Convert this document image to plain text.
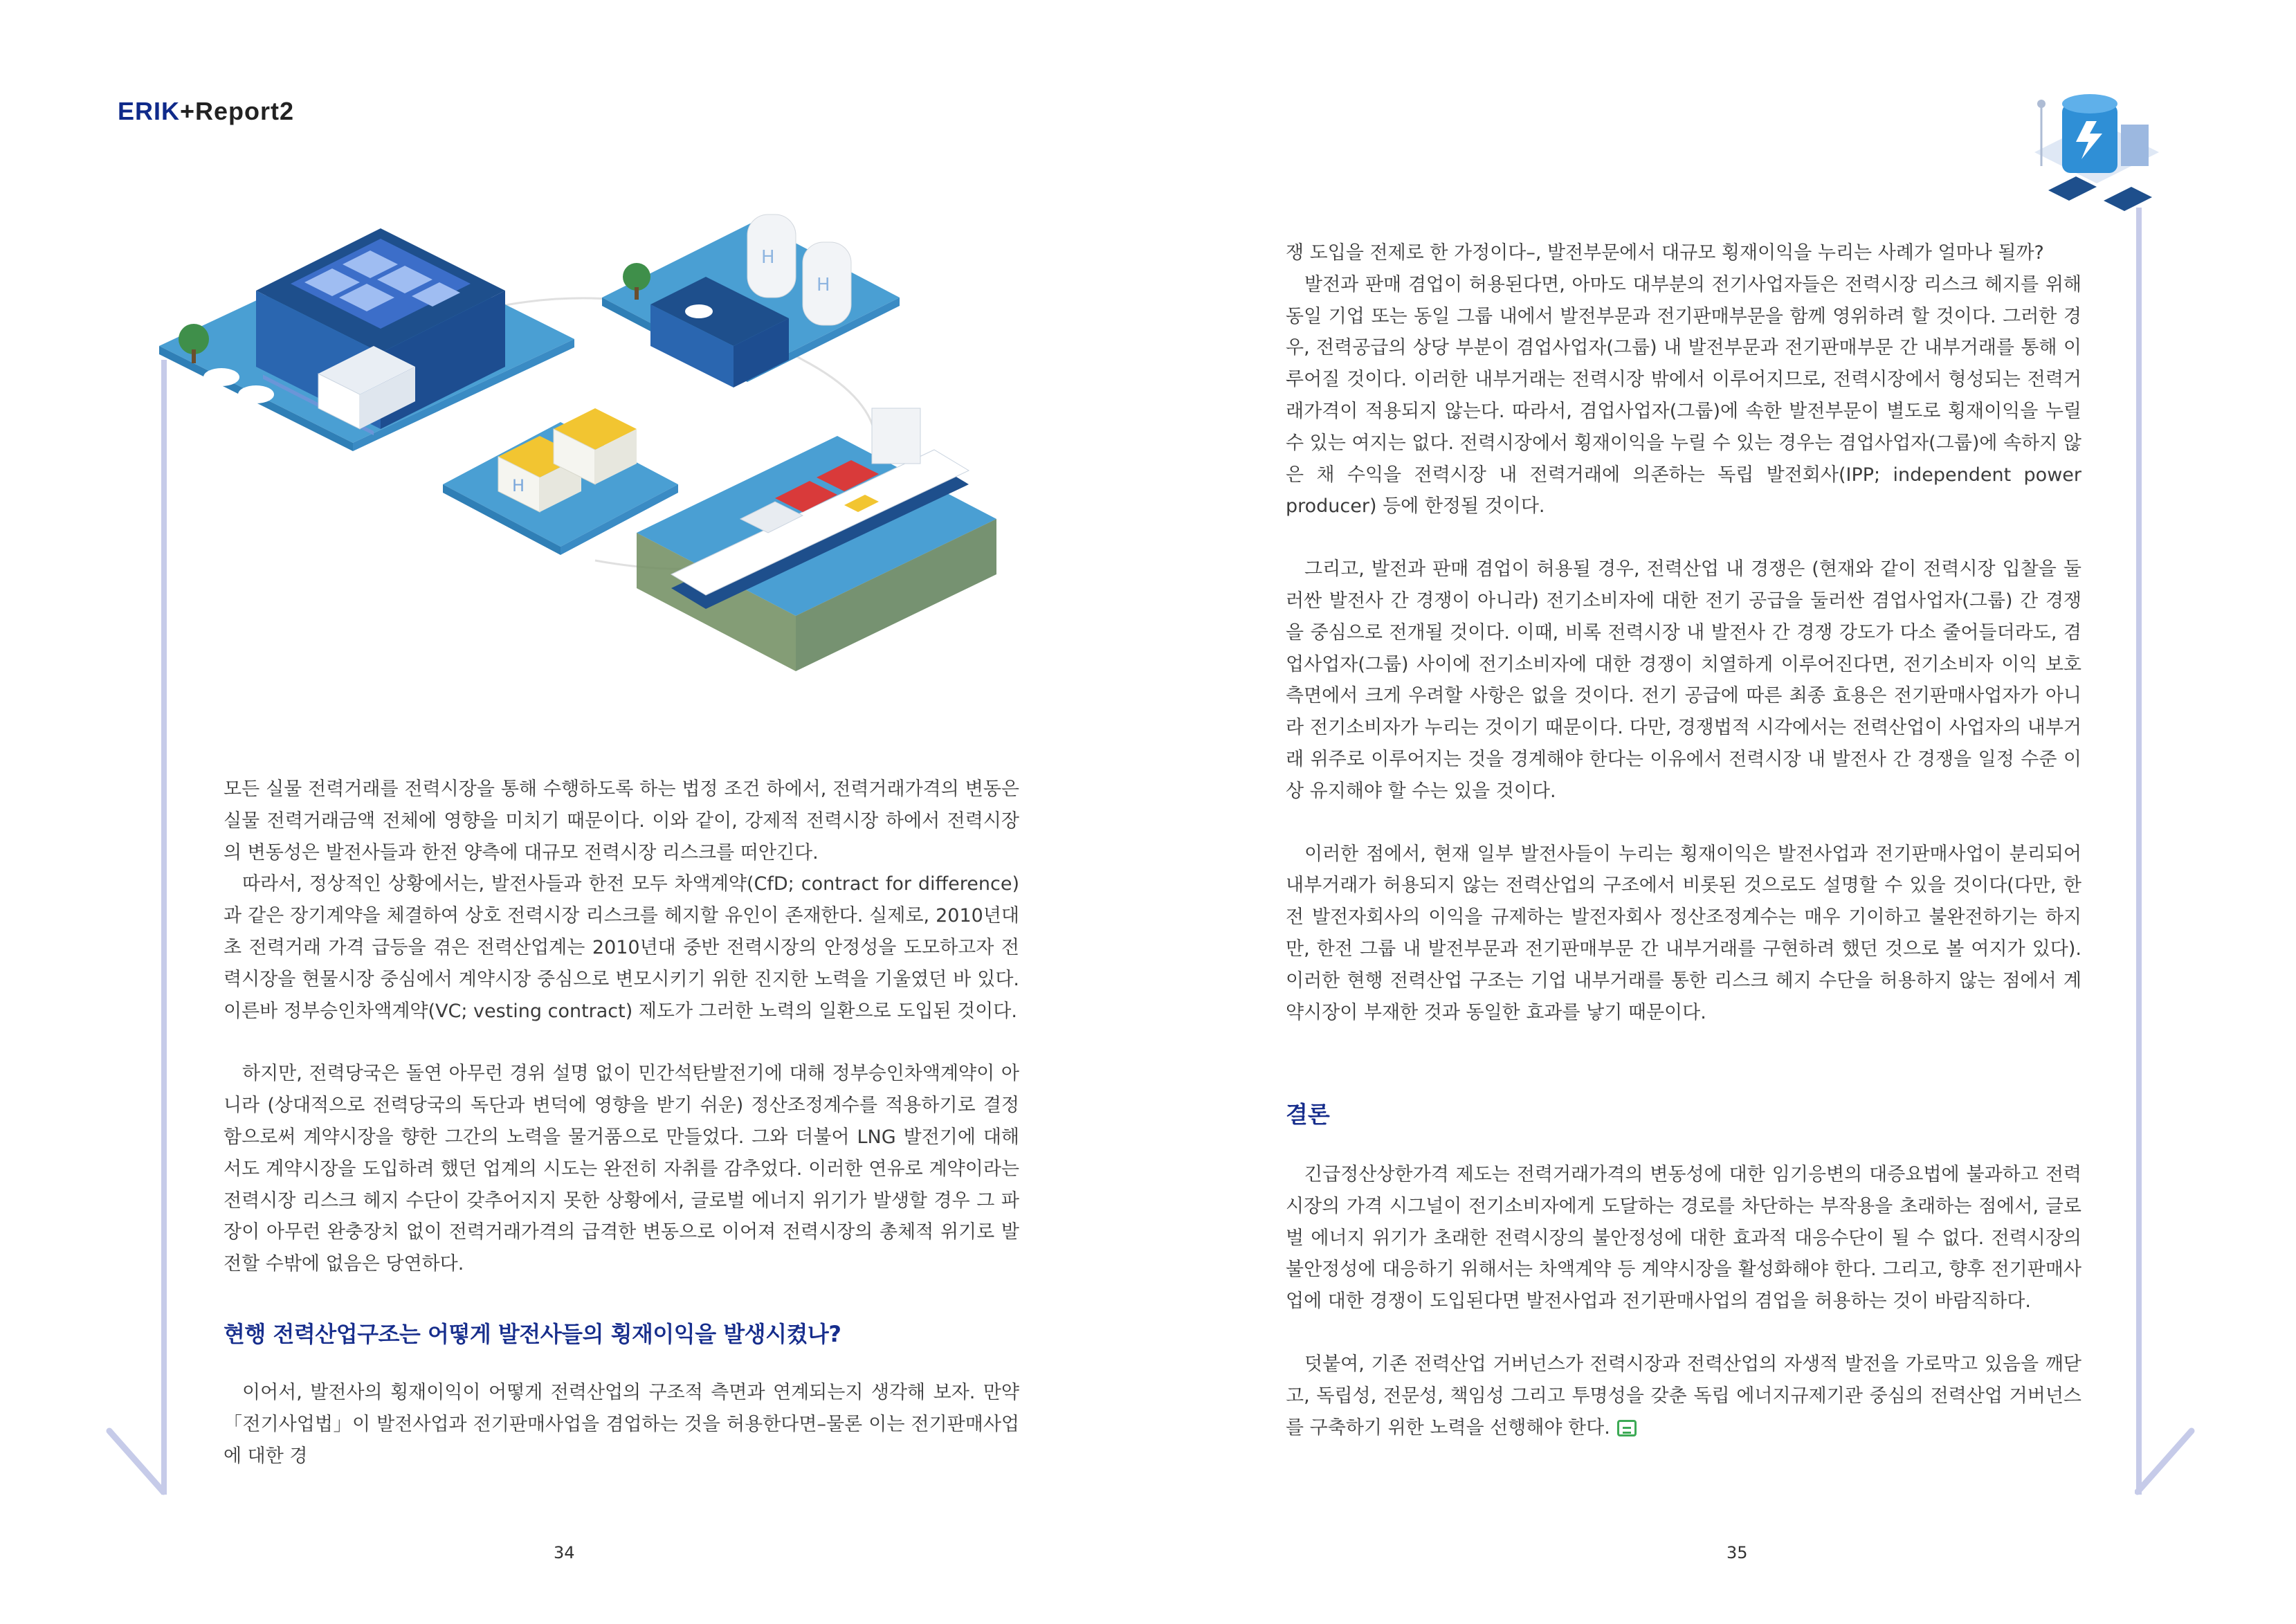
ERIK+Report2
H
H
H

모든 실물 전력거래를 전력시장을 통해 수행하도록 하는 법정 조건 하에서, 전력거래가격의 변동은 실물 전력거래금액 전체에 영향을 미치기 때문이다. 이와 같이, 강제적 전력시장 하에서 전력시장의 변동성은 발전사들과 한전 양측에 대규모 전력시장 리스크를 떠안긴다.

따라서, 정상적인 상황에서는, 발전사들과 한전 모두 차액계약(CfD; contract for difference)과 같은 장기계약을 체결하여 상호 전력시장 리스크를 헤지할 유인이 존재한다. 실제로, 2010년대 초 전력거래 가격 급등을 겪은 전력산업계는 2010년대 중반 전력시장의 안정성을 도모하고자 전력시장을 현물시장 중심에서 계약시장 중심으로 변모시키기 위한 진지한 노력을 기울였던 바 있다. 이른바 정부승인차액계약(VC; vesting contract) 제도가 그러한 노력의 일환으로 도입된 것이다.

하지만, 전력당국은 돌연 아무런 경위 설명 없이 민간석탄발전기에 대해 정부승인차액계약이 아니라 (상대적으로 전력당국의 독단과 변덕에 영향을 받기 쉬운) 정산조정계수를 적용하기로 결정함으로써 계약시장을 향한 그간의 노력을 물거품으로 만들었다. 그와 더불어 LNG 발전기에 대해서도 계약시장을 도입하려 했던 업계의 시도는 완전히 자취를 감추었다. 이러한 연유로 계약이라는 전력시장 리스크 헤지 수단이 갖추어지지 못한 상황에서, 글로벌 에너지 위기가 발생할 경우 그 파장이 아무런 완충장치 없이 전력거래가격의 급격한 변동으로 이어져 전력시장의 총체적 위기로 발전할 수밖에 없음은 당연하다.

현행 전력산업구조는 어떻게 발전사들의 횡재이익을 발생시켰나?

이어서, 발전사의 횡재이익이 어떻게 전력산업의 구조적 측면과 연계되는지 생각해 보자. 만약 「전기사업법」이 발전사업과 전기판매사업을 겸업하는 것을 허용한다면–물론 이는 전기판매사업에 대한 경

34

쟁 도입을 전제로 한 가정이다–, 발전부문에서 대규모 횡재이익을 누리는 사례가 얼마나 될까?

발전과 판매 겸업이 허용된다면, 아마도 대부분의 전기사업자들은 전력시장 리스크 헤지를 위해 동일 기업 또는 동일 그룹 내에서 발전부문과 전기판매부문을 함께 영위하려 할 것이다. 그러한 경우, 전력공급의 상당 부분이 겸업사업자(그룹) 내 발전부문과 전기판매부문 간 내부거래를 통해 이루어질 것이다. 이러한 내부거래는 전력시장 밖에서 이루어지므로, 전력시장에서 형성되는 전력거래가격이 적용되지 않는다. 따라서, 겸업사업자(그룹)에 속한 발전부문이 별도로 횡재이익을 누릴 수 있는 여지는 없다. 전력시장에서 횡재이익을 누릴 수 있는 경우는 겸업사업자(그룹)에 속하지 않은 채 수익을 전력시장 내 전력거래에 의존하는 독립 발전회사(IPP; independent power producer) 등에 한정될 것이다.

그리고, 발전과 판매 겸업이 허용될 경우, 전력산업 내 경쟁은 (현재와 같이 전력시장 입찰을 둘러싼 발전사 간 경쟁이 아니라) 전기소비자에 대한 전기 공급을 둘러싼 겸업사업자(그룹) 간 경쟁을 중심으로 전개될 것이다. 이때, 비록 전력시장 내 발전사 간 경쟁 강도가 다소 줄어들더라도, 겸업사업자(그룹) 사이에 전기소비자에 대한 경쟁이 치열하게 이루어진다면, 전기소비자 이익 보호 측면에서 크게 우려할 사항은 없을 것이다. 전기 공급에 따른 최종 효용은 전기판매사업자가 아니라 전기소비자가 누리는 것이기 때문이다. 다만, 경쟁법적 시각에서는 전력산업이 사업자의 내부거래 위주로 이루어지는 것을 경계해야 한다는 이유에서 전력시장 내 발전사 간 경쟁을 일정 수준 이상 유지해야 할 수는 있을 것이다.

이러한 점에서, 현재 일부 발전사들이 누리는 횡재이익은 발전사업과 전기판매사업이 분리되어 내부거래가 허용되지 않는 전력산업의 구조에서 비롯된 것으로도 설명할 수 있을 것이다(다만, 한전 발전자회사의 이익을 규제하는 발전자회사 정산조정계수는 매우 기이하고 불완전하기는 하지만, 한전 그룹 내 발전부문과 전기판매부문 간 내부거래를 구현하려 했던 것으로 볼 여지가 있다). 이러한 현행 전력산업 구조는 기업 내부거래를 통한 리스크 헤지 수단을 허용하지 않는 점에서 계약시장이 부재한 것과 동일한 효과를 낳기 때문이다.

결론

긴급정산상한가격 제도는 전력거래가격의 변동성에 대한 임기응변의 대증요법에 불과하고 전력시장의 가격 시그널이 전기소비자에게 도달하는 경로를 차단하는 부작용을 초래하는 점에서, 글로벌 에너지 위기가 초래한 전력시장의 불안정성에 대한 효과적 대응수단이 될 수 없다. 전력시장의 불안정성에 대응하기 위해서는 차액계약 등 계약시장을 활성화해야 한다. 그리고, 향후 전기판매사업에 대한 경쟁이 도입된다면 발전사업과 전기판매사업의 겸업을 허용하는 것이 바람직하다.

덧붙여, 기존 전력산업 거버넌스가 전력시장과 전력산업의 자생적 발전을 가로막고 있음을 깨닫고, 독립성, 전문성, 책임성 그리고 투명성을 갖춘 독립 에너지규제기관 중심의 전력산업 거버넌스를 구축하기 위한 노력을 선행해야 한다.

35
